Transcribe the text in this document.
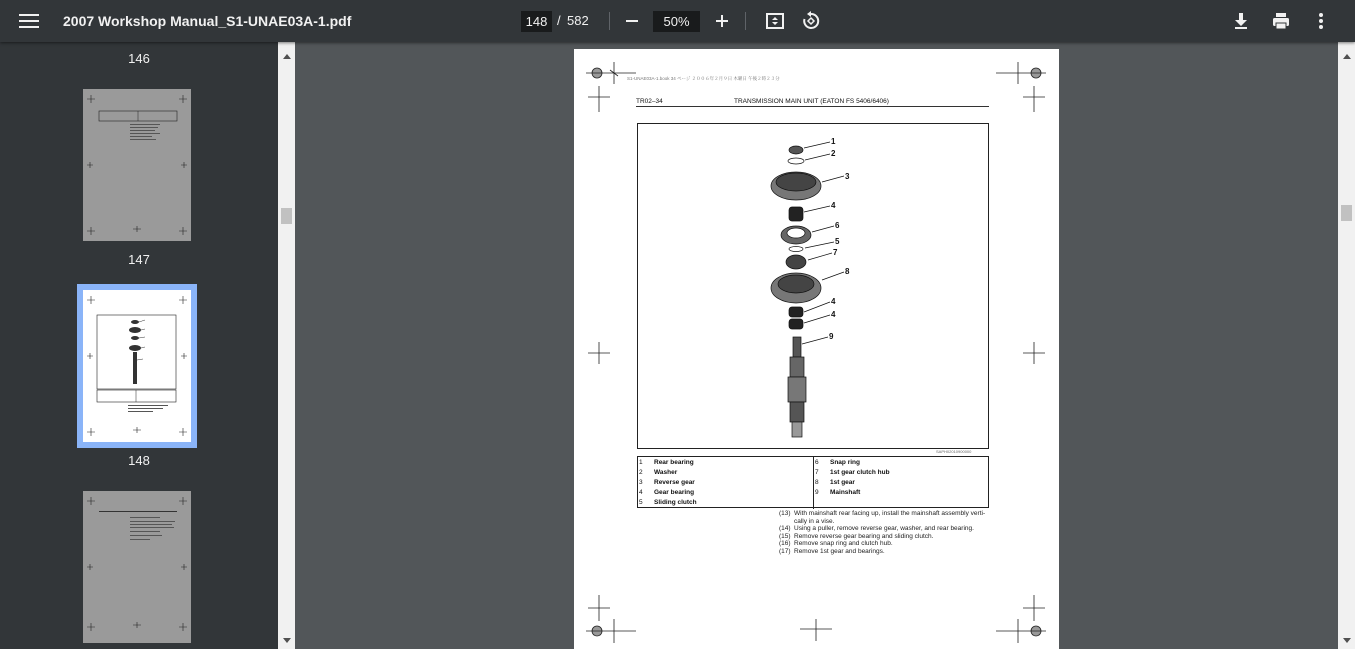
2007 Workshop Manual_S1-UNAE03A-1.pdf	148 / 582	50%
146
147
148
S1-UNAE03A-1.book 34 ページ ２００６年２月９日 木曜日 午後２時２３分
TR02–34	TRANSMISSION MAIN UNIT (EATON FS 5406/6406)
1
2
3
4
6
5
7
8
4
4
9
SAPH02010900000
1 Rear bearing
2 Washer
3 Reverse gear
4 Gear bearing
5 Sliding clutch
6 Snap ring
7 1st gear clutch hub
8 1st gear
9 Mainshaft
(13) With mainshaft rear facing up, install the mainshaft assembly verti-cally in a vise.
(14) Using a puller, remove reverse gear, washer, and rear bearing.
(15) Remove reverse gear bearing and sliding clutch.
(16) Remove snap ring and clutch hub.
(17) Remove 1st gear and bearings.
